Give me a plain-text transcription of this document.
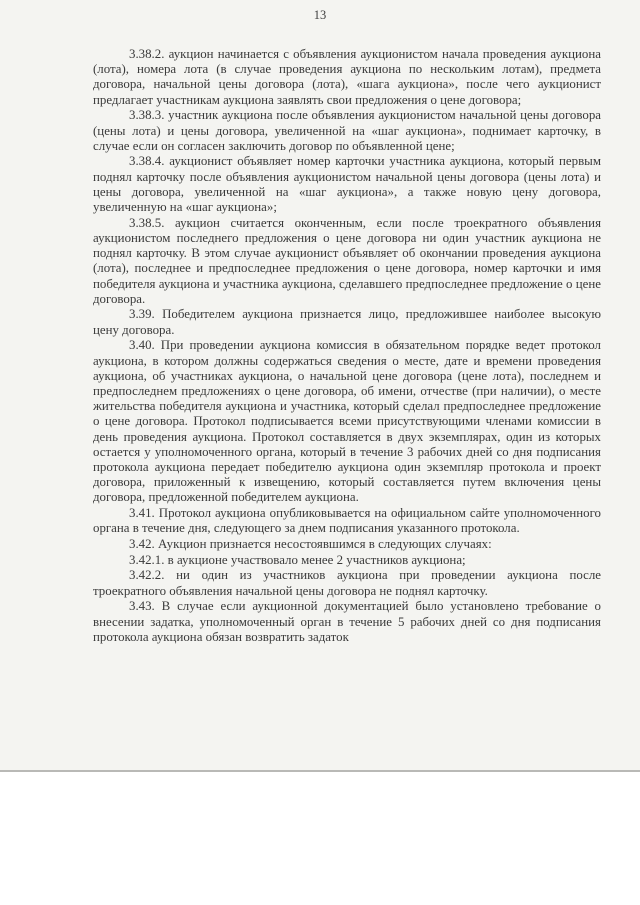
13

3.38.2. аукцион начинается с объявления аукционистом начала проведения аукциона (лота), номера лота (в случае проведения аукциона по нескольким лотам), предмета договора, начальной цены договора (лота), «шага аукциона», после чего аукционист предлагает участникам аукциона заявлять свои предложения о цене договора;

3.38.3. участник аукциона после объявления аукционистом начальной цены договора (цены лота) и цены договора, увеличенной на «шаг аукциона», поднимает карточку, в случае если он согласен заключить договор по объявленной цене;

3.38.4. аукционист объявляет номер карточки участника аукциона, который первым поднял карточку после объявления аукционистом начальной цены договора (цены лота) и цены договора, увеличенной на «шаг аукциона», а также новую цену договора, увеличенную на «шаг аукциона»;

3.38.5. аукцион считается оконченным, если после троекратного объявления аукционистом последнего предложения о цене договора ни один участник аукциона не поднял карточку. В этом случае аукционист объявляет об окончании проведения аукциона (лота), последнее и предпоследнее предложения о цене договора, номер карточки и имя победителя аукциона и участника аукциона, сделавшего предпоследнее предложение о цене договора.

3.39. Победителем аукциона признается лицо, предложившее наиболее высокую цену договора.

3.40. При проведении аукциона комиссия в обязательном порядке ведет протокол аукциона, в котором должны содержаться сведения о месте, дате и времени проведения аукциона, об участниках аукциона, о начальной цене договора (цене лота), последнем и предпоследнем предложениях о цене договора, об имени, отчестве (при наличии), о месте жительства победителя аукциона и участника, который сделал предпоследнее предложение о цене договора. Протокол подписывается всеми присутствующими членами комиссии в день проведения аукциона. Протокол составляется в двух экземплярах, один из которых остается у уполномоченного органа, который в течение 3 рабочих дней со дня подписания протокола аукциона передает победителю аукциона один экземпляр протокола и проект договора, приложенный к извещению, который составляется путем включения цены договора, предложенной победителем аукциона.

3.41. Протокол аукциона опубликовывается на официальном сайте уполномоченного органа в течение дня, следующего за днем подписания указанного протокола.

3.42. Аукцион признается несостоявшимся в следующих случаях:

3.42.1. в аукционе участвовало менее 2 участников аукциона;

3.42.2. ни один из участников аукциона при проведении аукциона после троекратного объявления начальной цены договора не поднял карточку.

3.43. В случае если аукционной документацией было установлено требование о внесении задатка, уполномоченный орган в течение 5 рабочих дней со дня подписания протокола аукциона обязан возвратить задаток
